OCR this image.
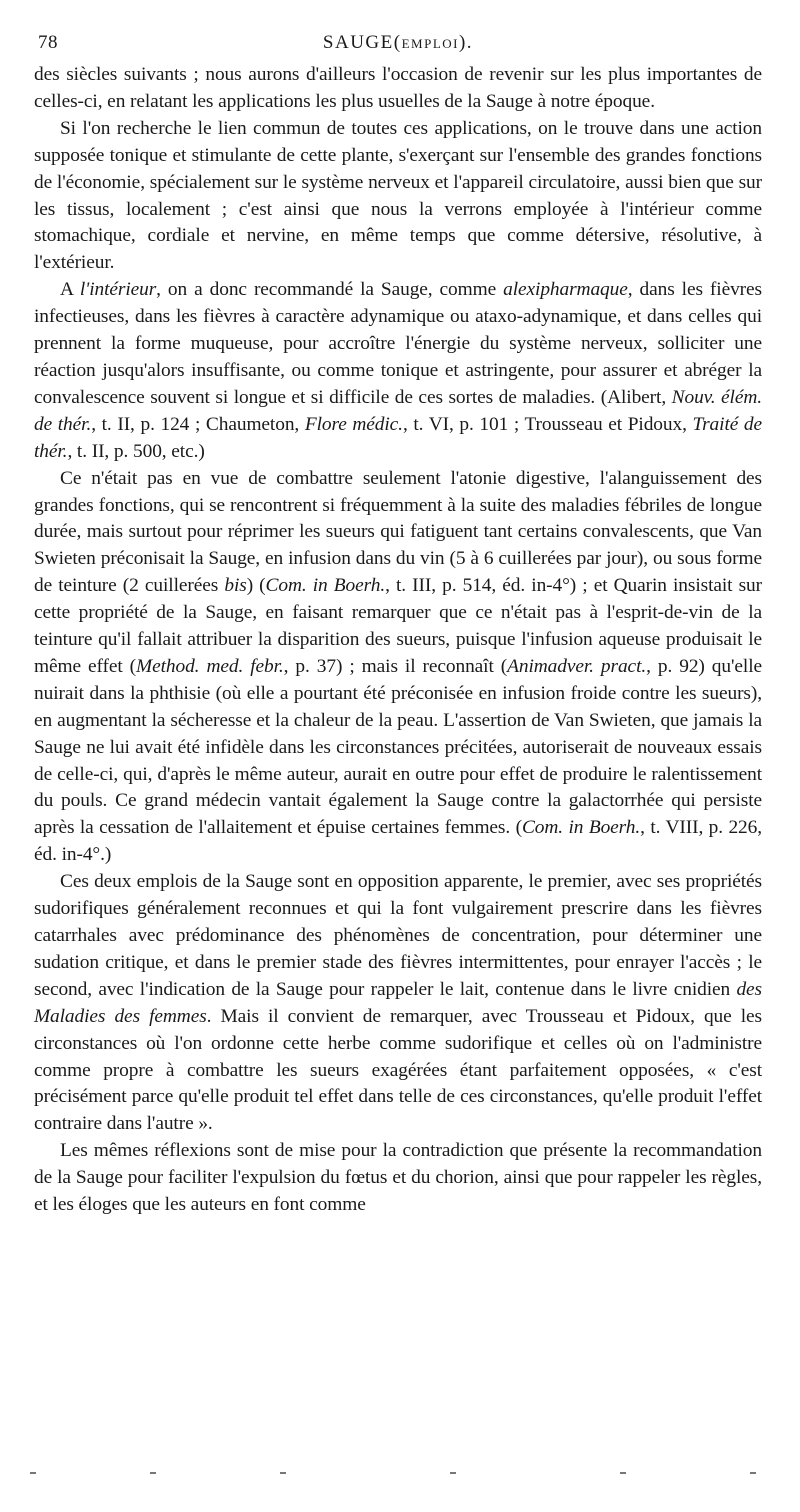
78	SAUGE(EMPLOI).

des siècles suivants ; nous aurons d'ailleurs l'occasion de revenir sur les plus importantes de celles-ci, en relatant les applications les plus usuelles de la Sauge à notre époque.

Si l'on recherche le lien commun de toutes ces applications, on le trouve dans une action supposée tonique et stimulante de cette plante, s'exerçant sur l'ensemble des grandes fonctions de l'économie, spécialement sur le système nerveux et l'appareil circulatoire, aussi bien que sur les tissus, localement ; c'est ainsi que nous la verrons employée à l'intérieur comme stomachique, cordiale et nervine, en même temps que comme détersive, résolutive, à l'extérieur.

A l'intérieur, on a donc recommandé la Sauge, comme alexipharmaque, dans les fièvres infectieuses, dans les fièvres à caractère adynamique ou ataxo-adynamique, et dans celles qui prennent la forme muqueuse, pour accroître l'énergie du système nerveux, solliciter une réaction jusqu'alors insuffisante, ou comme tonique et astringente, pour assurer et abréger la convalescence souvent si longue et si difficile de ces sortes de maladies. (Alibert, Nouv. élém. de thér., t. II, p. 124 ; Chaumeton, Flore médic., t. VI, p. 101 ; Trousseau et Pidoux, Traité de thér., t. II, p. 500, etc.)

Ce n'était pas en vue de combattre seulement l'atonie digestive, l'alanguissement des grandes fonctions, qui se rencontrent si fréquemment à la suite des maladies fébriles de longue durée, mais surtout pour réprimer les sueurs qui fatiguent tant certains convalescents, que Van Swieten préconisait la Sauge, en infusion dans du vin (5 à 6 cuillerées par jour), ou sous forme de teinture (2 cuillerées bis) (Com. in Boerh., t. III, p. 514, éd. in-4°) ; et Quarin insistait sur cette propriété de la Sauge, en faisant remarquer que ce n'était pas à l'esprit-de-vin de la teinture qu'il fallait attribuer la disparition des sueurs, puisque l'infusion aqueuse produisait le même effet (Method. med. febr., p. 37) ; mais il reconnaît (Animadver. pract., p. 92) qu'elle nuirait dans la phthisie (où elle a pourtant été préconisée en infusion froide contre les sueurs), en augmentant la sécheresse et la chaleur de la peau. L'assertion de Van Swieten, que jamais la Sauge ne lui avait été infidèle dans les circonstances précitées, autoriserait de nouveaux essais de celle-ci, qui, d'après le même auteur, aurait en outre pour effet de produire le ralentissement du pouls. Ce grand médecin vantait également la Sauge contre la galactorrhée qui persiste après la cessation de l'allaitement et épuise certaines femmes. (Com. in Boerh., t. VIII, p. 226, éd. in-4°.)

Ces deux emplois de la Sauge sont en opposition apparente, le premier, avec ses propriétés sudorifiques généralement reconnues et qui la font vulgairement prescrire dans les fièvres catarrhales avec prédominance des phénomènes de concentration, pour déterminer une sudation critique, et dans le premier stade des fièvres intermittentes, pour enrayer l'accès ; le second, avec l'indication de la Sauge pour rappeler le lait, contenue dans le livre cnidien des Maladies des femmes. Mais il convient de remarquer, avec Trousseau et Pidoux, que les circonstances où l'on ordonne cette herbe comme sudorifique et celles où on l'administre comme propre à combattre les sueurs exagérées étant parfaitement opposées, « c'est précisément parce qu'elle produit tel effet dans telle de ces circonstances, qu'elle produit l'effet contraire dans l'autre ».

Les mêmes réflexions sont de mise pour la contradiction que présente la recommandation de la Sauge pour faciliter l'expulsion du fœtus et du chorion, ainsi que pour rappeler les règles, et les éloges que les auteurs en font comme
